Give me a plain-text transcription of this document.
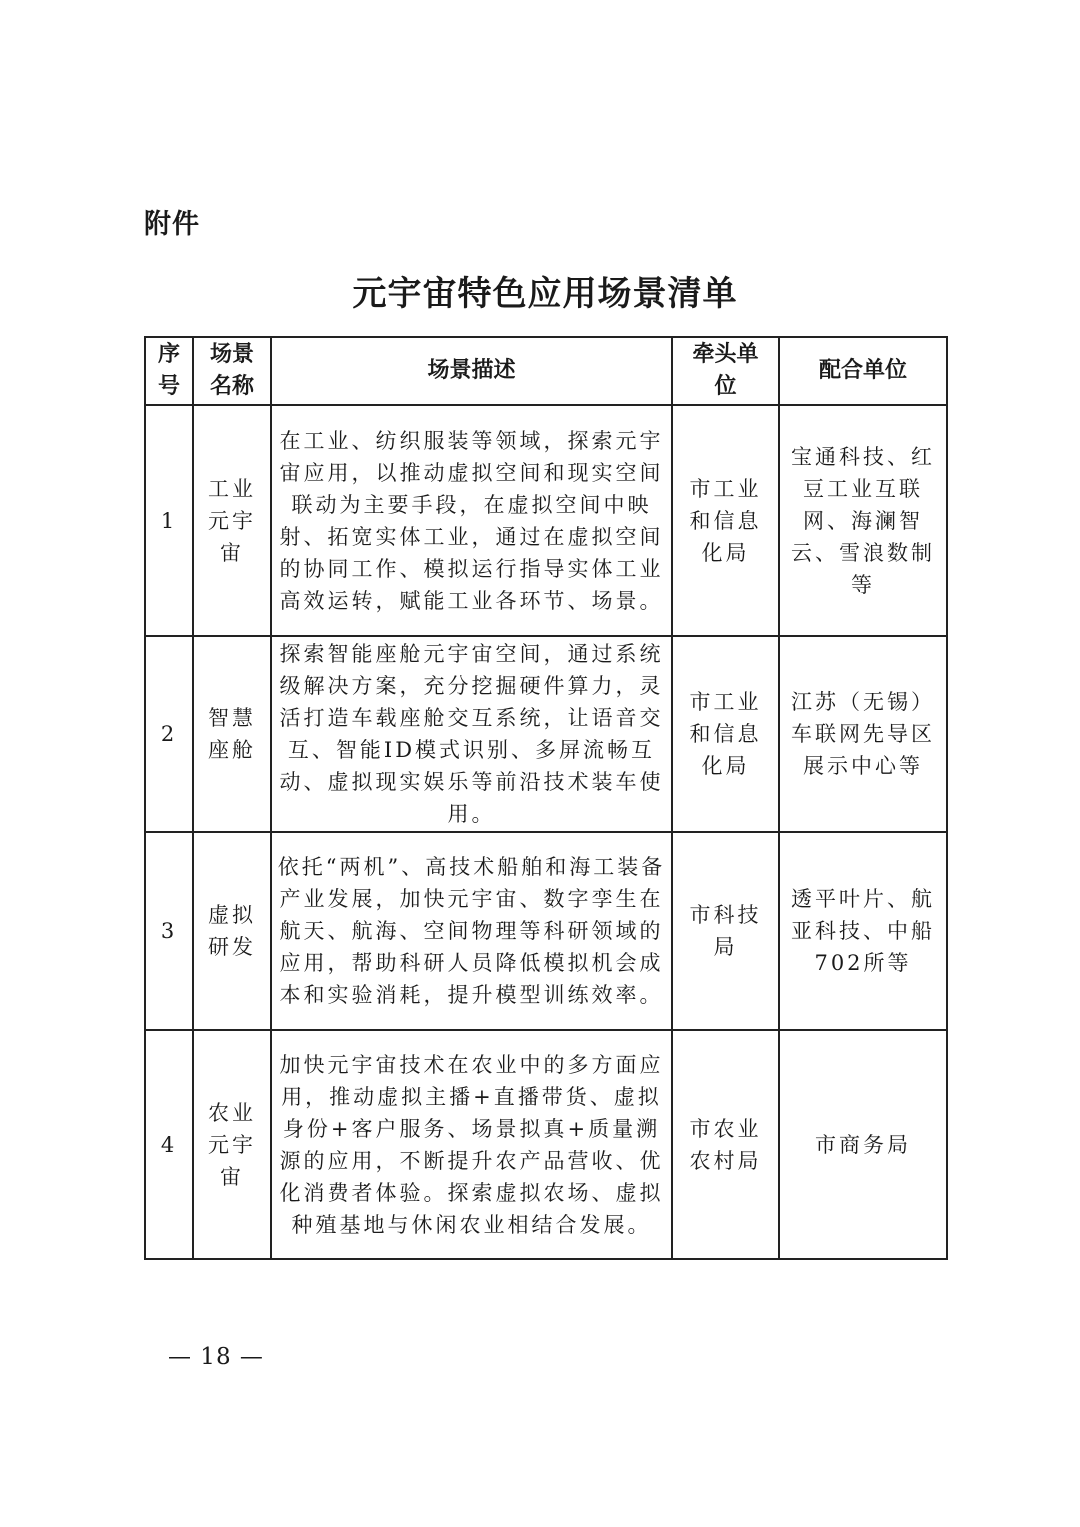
附件
元宇宙特色应用场景清单
序号	场景名称	场景描述	牵头单位	配合单位
1	工业元宇宙	在工业、纺织服装等领域，探索元宇宙应用，以推动虚拟空间和现实空间联动为主要手段，在虚拟空间中映射、拓宽实体工业，通过在虚拟空间的协同工作、模拟运行指导实体工业高效运转，赋能工业各环节、场景。	市工业和信息化局	宝通科技、红豆工业互联网、海澜智云、雪浪数制等
2	智慧座舱	探索智能座舱元宇宙空间，通过系统级解决方案，充分挖掘硬件算力，灵活打造车载座舱交互系统，让语音交互、智能ID模式识别、多屏流畅互动、虚拟现实娱乐等前沿技术装车使用。	市工业和信息化局	江苏（无锡）车联网先导区展示中心等
3	虚拟研发	依托“两机”、高技术船舶和海工装备产业发展，加快元宇宙、数字孪生在航天、航海、空间物理等科研领域的应用，帮助科研人员降低模拟机会成本和实验消耗，提升模型训练效率。	市科技局	透平叶片、航亚科技、中船702所等
4	农业元宇宙	加快元宇宙技术在农业中的多方面应用，推动虚拟主播+直播带货、虚拟身份+客户服务、场景拟真+质量溯源的应用，不断提升农产品营收、优化消费者体验。探索虚拟农场、虚拟种殖基地与休闲农业相结合发展。	市农业农村局	市商务局
— 18 —
